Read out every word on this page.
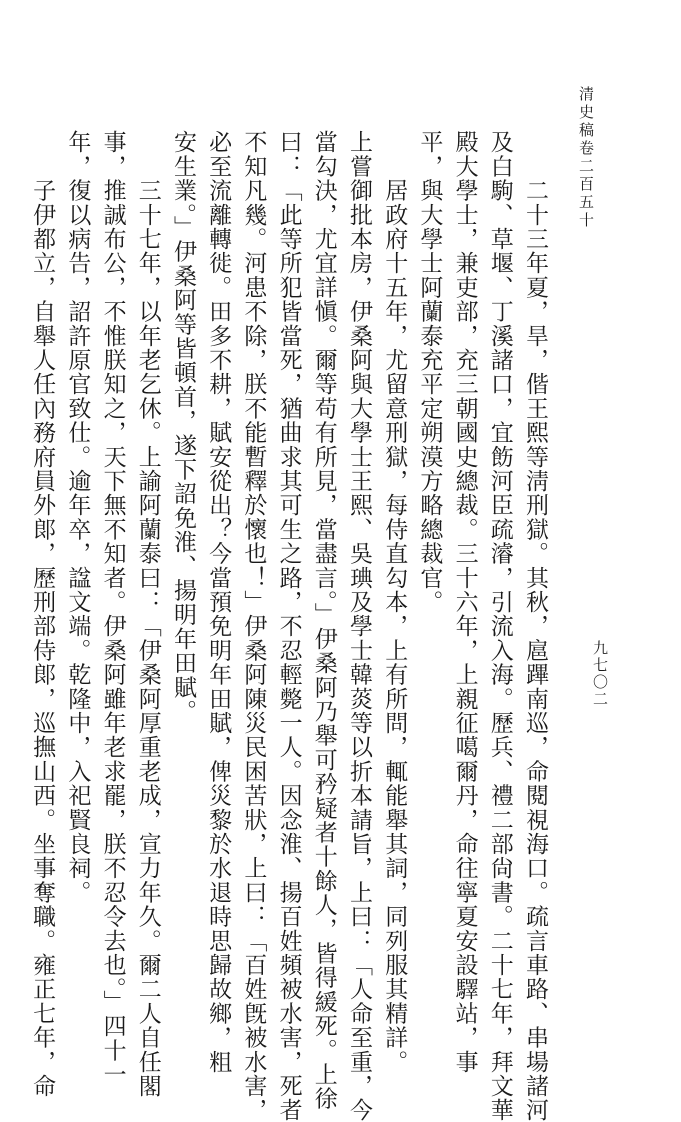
清史稿卷二百五十
九七〇二
　　二十三年夏，旱，偕王熙等淸刑獄。其秋，扈蹕南巡，命閱視海口。疏言車路、串場諸河
及白駒、草堰、丁溪諸口，宜飭河臣疏濬，引流入海。歷兵、禮二部尙書。二十七年，拜文華
殿大學士，兼吏部，充三朝國史總裁。三十六年，上親征噶爾丹，命往寧夏安設驛站，事
平，與大學士阿蘭泰充平定朔漠方略總裁官。
　　居政府十五年，尤留意刑獄，每侍直勾本，上有所問，輒能舉其詞，同列服其精詳。
上嘗御批本房，伊桑阿與大學士王熙、吳琠及學士韓菼等以折本請旨，上曰：「人命至重，今
當勾決，尤宜詳愼。爾等苟有所見，當盡言。」伊桑阿乃舉可矜疑者十餘人，皆得緩死。上徐
曰：「此等所犯皆當死，猶曲求其可生之路，不忍輕斃一人。因念淮、揚百姓頻被水害，死者
不知凡幾。河患不除，朕不能暫釋於懷也！」伊桑阿陳災民困苦狀，上曰：「百姓旣被水害，
必至流離轉徙。田多不耕，賦安從出？今當預免明年田賦，俾災黎於水退時思歸故鄉，粗
安生業。」伊桑阿等皆頓首，遂下詔免淮、揚明年田賦。
　　三十七年，以年老乞休。上諭阿蘭泰曰：「伊桑阿厚重老成，宣力年久。爾二人自任閣
事，推誠布公，不惟朕知之，天下無不知者。伊桑阿雖年老求罷，朕不忍令去也。」四十一
年，復以病告，詔許原官致仕。逾年卒，諡文端。乾隆中，入祀賢良祠。
　　子伊都立，自舉人任內務府員外郞，歷刑部侍郞，巡撫山西。坐事奪職。雍正七年，命
